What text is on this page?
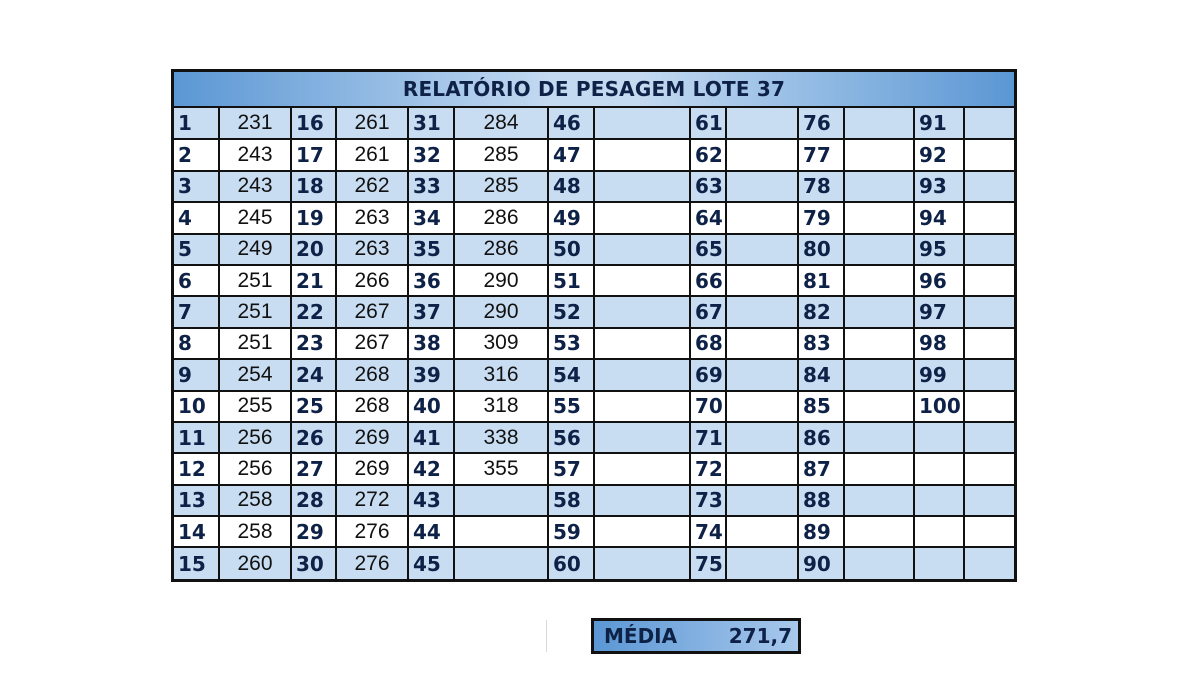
RELATÓRIO DE PESAGEM LOTE 37
1	231	16	261	31	284	46		61		76		91	
2	243	17	261	32	285	47		62		77		92	
3	243	18	262	33	285	48		63		78		93	
4	245	19	263	34	286	49		64		79		94	
5	249	20	263	35	286	50		65		80		95	
6	251	21	266	36	290	51		66		81		96	
7	251	22	267	37	290	52		67		82		97	
8	251	23	267	38	309	53		68		83		98	
9	254	24	268	39	316	54		69		84		99	
10	255	25	268	40	318	55		70		85		100	
11	256	26	269	41	338	56		71		86			
12	256	27	269	42	355	57		72		87			
13	258	28	272	43		58		73		88			
14	258	29	276	44		59		74		89			
15	260	30	276	45		60		75		90			
MÉDIA	271,7
